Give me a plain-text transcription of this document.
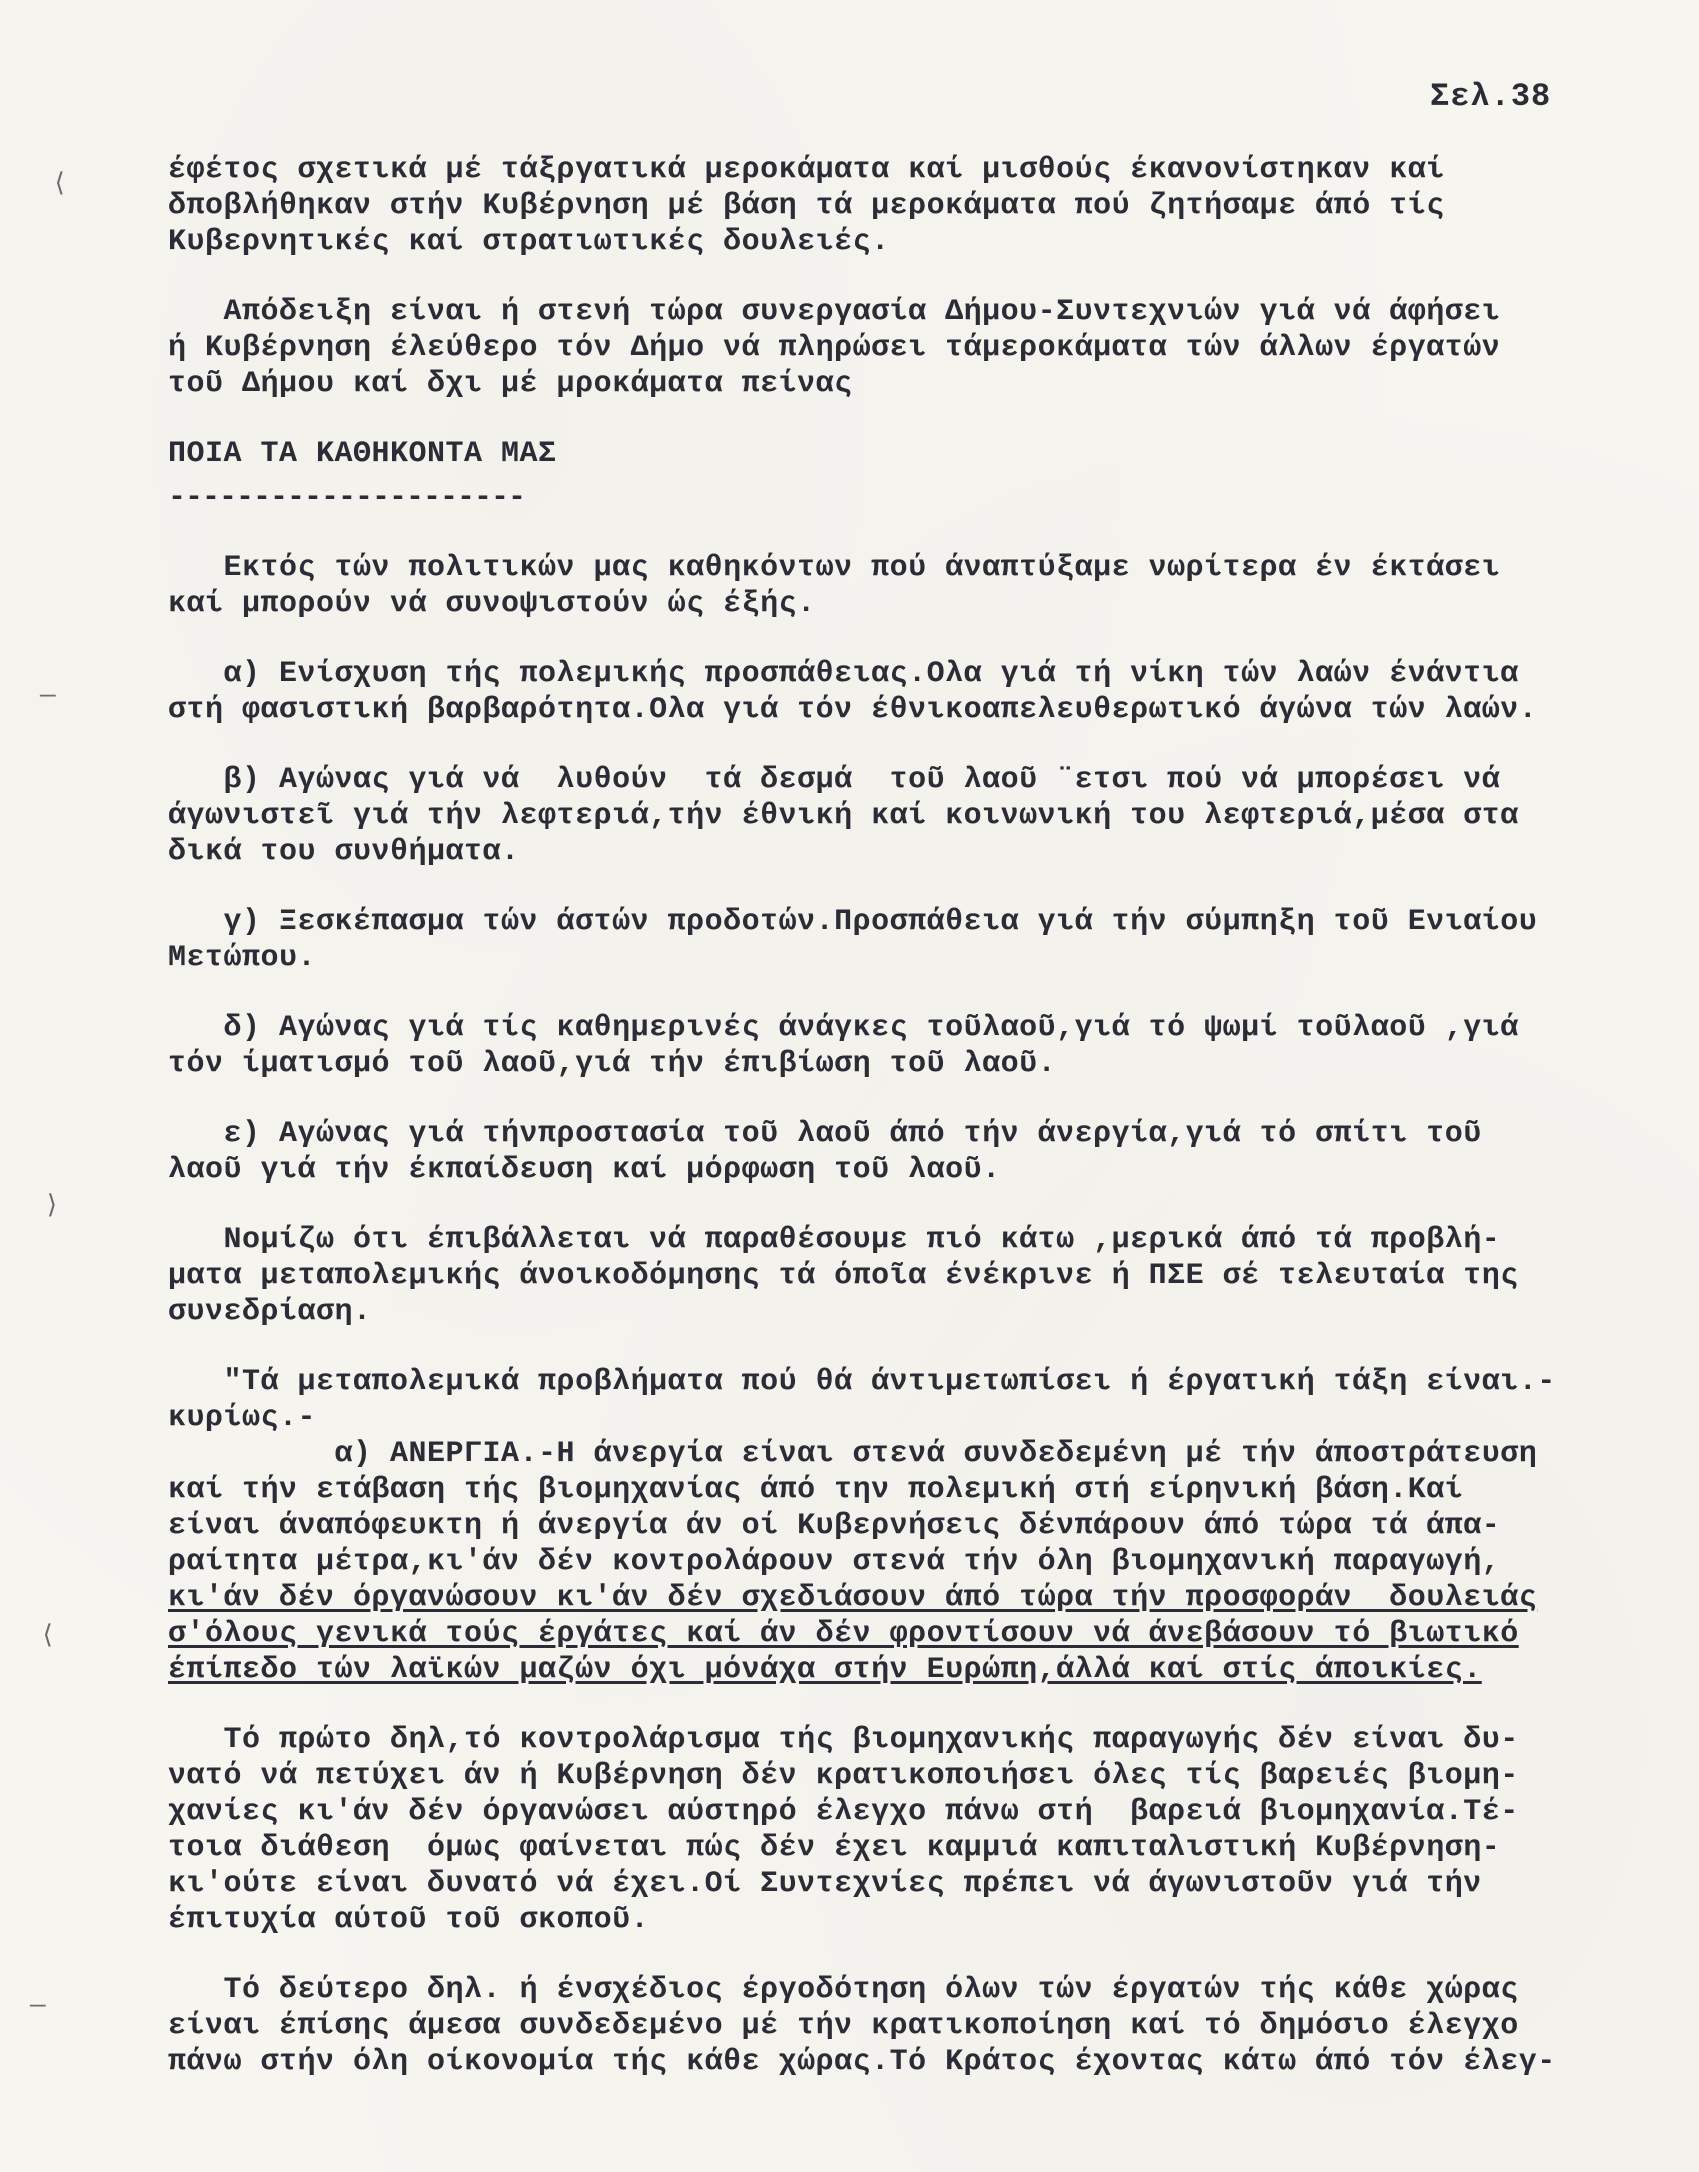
Σελ.38
έφέτος σχετικά μέ τάξργατικά μεροκάματα καί μισθούς έκανονίστηκαν καί
δποβλήθηκαν στήν Κυβέρνηση μέ βάση τά μεροκάματα πού ζητήσαμε άπό τίς
Κυβερνητικές καί στρατιωτικές δουλειές.
Απόδειξη είναι ή στενή τώρα συνεργασία Δήμου-Συντεχνιών γιά νά άφήσει
ή Κυβέρνηση έλεύθερο τόν Δήμο νά πληρώσει τάμεροκάματα τών άλλων έργατών
τοῦ Δήμου καί δχι μέ μροκάματα πείνας
ΠΟΙΑ ΤΑ ΚΑΘΗΚΟΝΤΑ ΜΑΣ
---------------------
Εκτός τών πολιτικών μας καθηκόντων πού άναπτύξαμε νωρίτερα έν έκτάσει
καί μπορούν νά συνοψιστούν ώς έξής.
α) Ενίσχυση τής πολεμικής προσπάθειας.Ολα γιά τή νίκη τών λαών ένάντια
στή φασιστική βαρβαρότητα.Ολα γιά τόν έθνικοαπελευθερωτικό άγώνα τών λαών.
β) Αγώνας γιά νά  λυθούν  τά δεσμά  τοῦ λαοῦ ¨ετσι πού νά μπορέσει νά
άγωνιστεῖ γιά τήν λεφτεριά,τήν έθνική καί κοινωνική του λεφτεριά,μέσα στα
δικά του συνθήματα.
γ) Ξεσκέπασμα τών άστών προδοτών.Προσπάθεια γιά τήν σύμπηξη τοῦ Ενιαίου
Μετώπου.
δ) Αγώνας γιά τίς καθημερινές άνάγκες τοῦλαοῦ,γιά τό ψωμί τοῦλαοῦ ,γιά
τόν ίματισμό τοῦ λαοῦ,γιά τήν έπιβίωση τοῦ λαοῦ.
ε) Αγώνας γιά τήνπροστασία τοῦ λαοῦ άπό τήν άνεργία,γιά τό σπίτι τοῦ
λαοῦ γιά τήν έκπαίδευση καί μόρφωση τοῦ λαοῦ.
Νομίζω ότι έπιβάλλεται νά παραθέσουμε πιό κάτω ,μερικά άπό τά προβλή-
ματα μεταπολεμικής άνοικοδόμησης τά όποῖα ένέκρινε ή ΠΣΕ σέ τελευταία της
συνεδρίαση.
"Τά μεταπολεμικά προβλήματα πού θά άντιμετωπίσει ή έργατική τάξη είναι.-
κυρίως.-
α) ΑΝΕΡΓΙΑ.-Η άνεργία είναι στενά συνδεδεμένη μέ τήν άποστράτευση
καί τήν ετάβαση τής βιομηχανίας άπό την πολεμική στή είρηνική βάση.Καί
είναι άναπόφευκτη ή άνεργία άν οί Κυβερνήσεις δένπάρουν άπό τώρα τά άπα-
ραίτητα μέτρα,κι'άν δέν κοντρολάρουν στενά τήν όλη βιομηχανική παραγωγή,
κι'άν δέν όργανώσουν κι'άν δέν σχεδιάσουν άπό τώρα τήν προσφοράν  δουλειάς
σ'όλους γενικά τούς έργάτες καί άν δέν φροντίσουν νά άνεβάσουν τό βιωτικό
έπίπεδο τών λαϊκών μαζών όχι μόνάχα στήν Ευρώπη,άλλά καί στίς άποικίες.
Τό πρώτο δηλ,τό κοντρολάρισμα τής βιομηχανικής παραγωγής δέν είναι δυ-
νατό νά πετύχει άν ή Κυβέρνηση δέν κρατικοποιήσει όλες τίς βαρειές βιομη-
χανίες κι'άν δέν όργανώσει αύστηρό έλεγχο πάνω στή  βαρειά βιομηχανία.Τέ-
τοια διάθεση  όμως φαίνεται πώς δέν έχει καμμιά καπιταλιστική Κυβέρνηση-
κι'ούτε είναι δυνατό νά έχει.Οί Συντεχνίες πρέπει νά άγωνιστοῦν γιά τήν
έπιτυχία αύτοῦ τοῦ σκοποῦ.
Τό δεύτερο δηλ. ή ένσχέδιος έργοδότηση όλων τών έργατών τής κάθε χώρας
είναι έπίσης άμεσα συνδεδεμένο μέ τήν κρατικοποίηση καί τό δημόσιο έλεγχο
πάνω στήν όλη οίκονομία τής κάθε χώρας.Τό Κράτος έχοντας κάτω άπό τόν έλεγ-
⟨
—
⟩
⟨
—
